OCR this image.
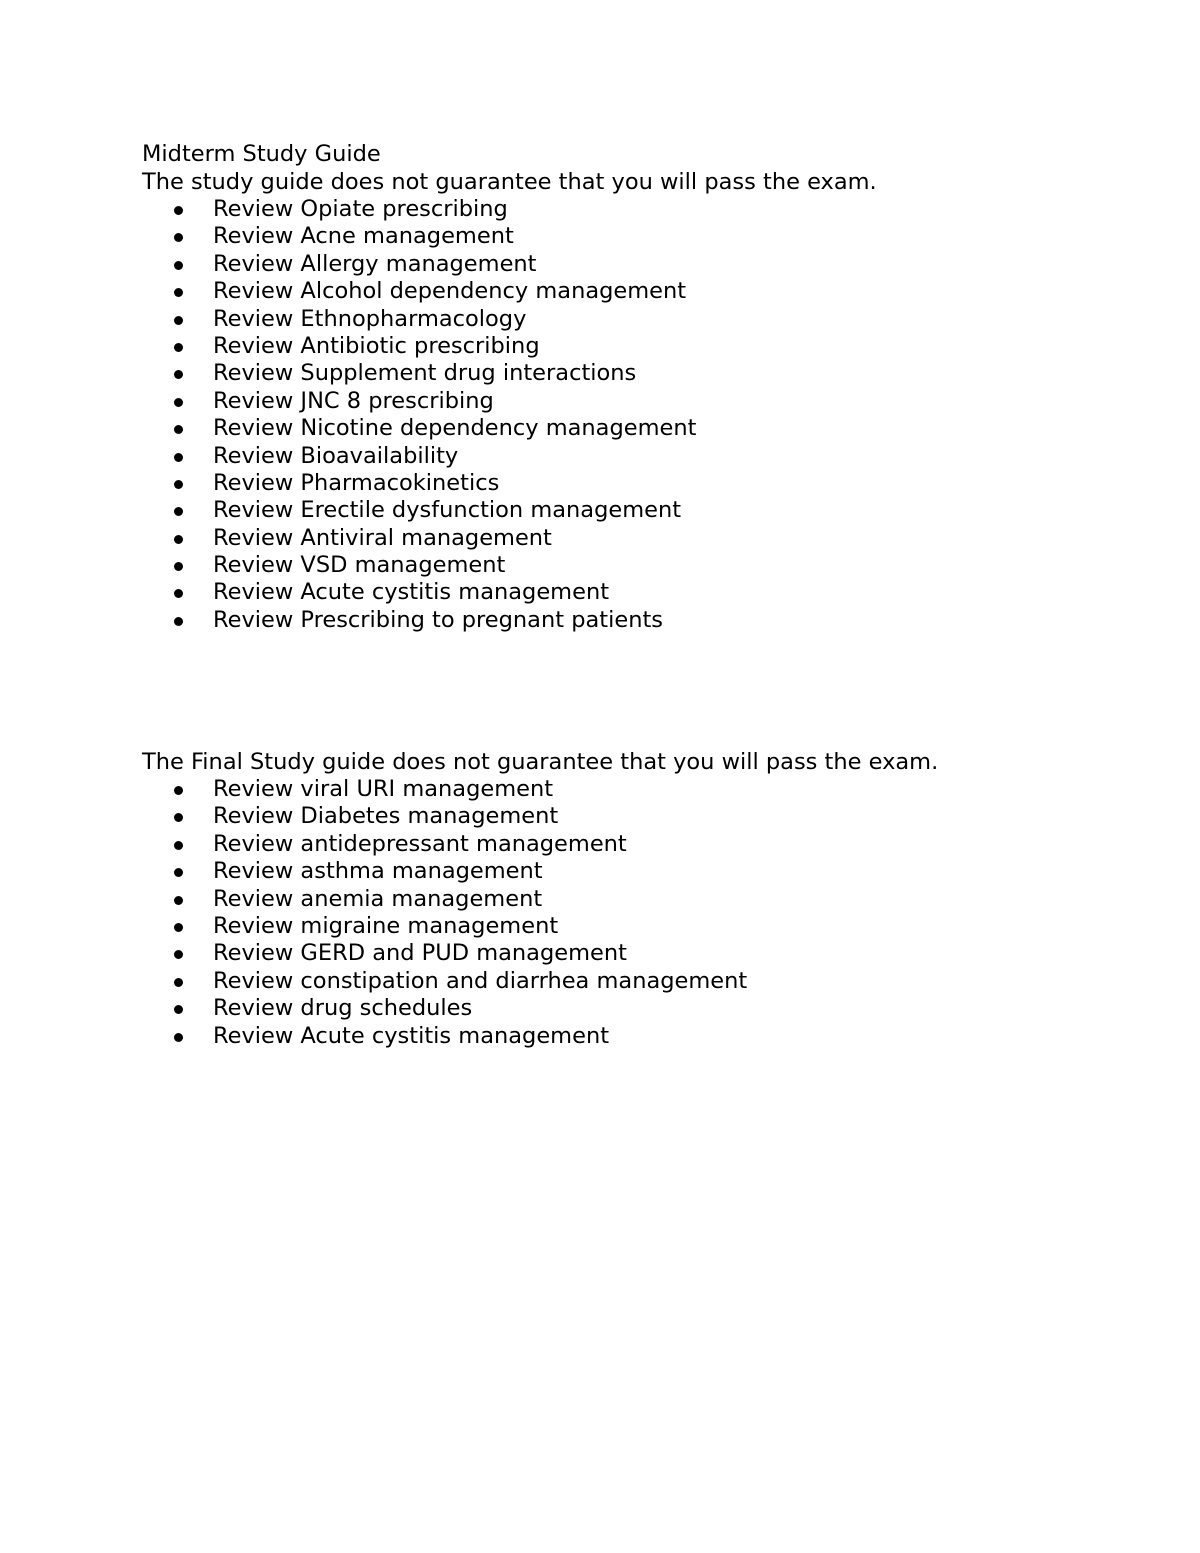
Midterm Study Guide

The study guide does not guarantee that you will pass the exam.

Review Opiate prescribing
Review Acne management
Review Allergy management
Review Alcohol dependency management
Review Ethnopharmacology
Review Antibiotic prescribing
Review Supplement drug interactions
Review JNC 8 prescribing
Review Nicotine dependency management
Review Bioavailability
Review Pharmacokinetics
Review Erectile dysfunction management
Review Antiviral management
Review VSD management
Review Acute cystitis management
Review Prescribing to pregnant patients

The Final Study guide does not guarantee that you will pass the exam.

Review viral URI management
Review Diabetes management
Review antidepressant management
Review asthma management
Review anemia management
Review migraine management
Review GERD and PUD management
Review constipation and diarrhea management
Review drug schedules
Review Acute cystitis management
